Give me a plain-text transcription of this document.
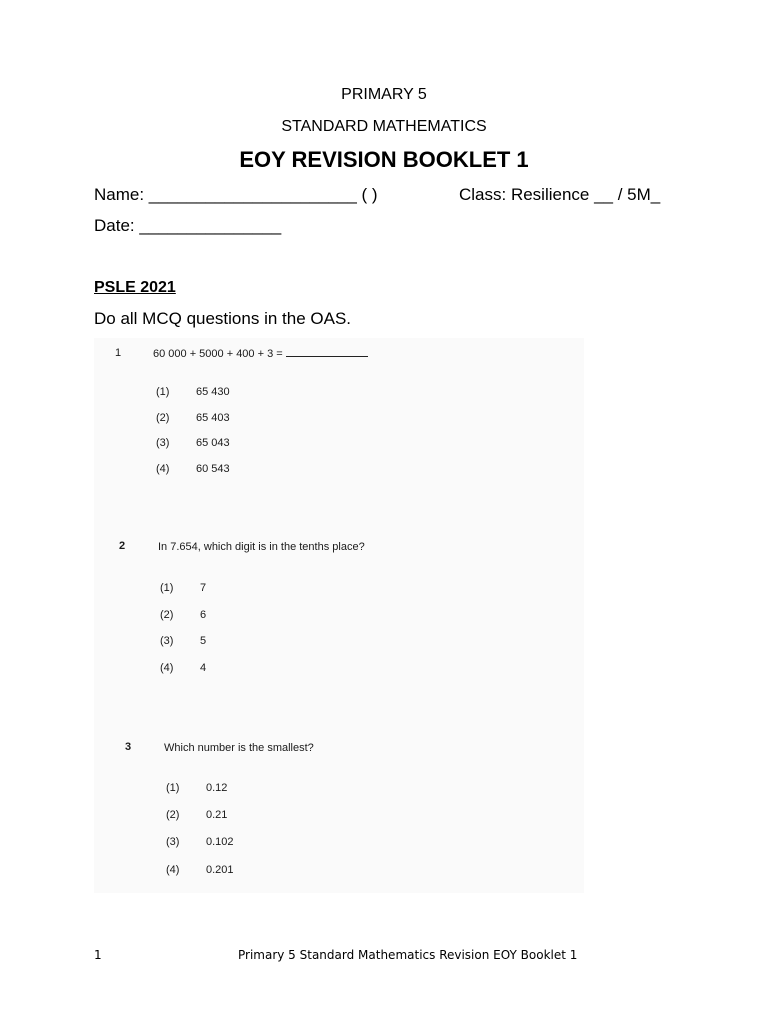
PRIMARY 5
STANDARD MATHEMATICS
EOY REVISION BOOKLET 1
Name: ______________________ ( )	Class: Resilience __ / 5M_
Date: _______________
PSLE 2021
Do all MCQ questions in the OAS.
1	60 000 + 5000 + 400 + 3 =
(1)	65 430
(2)	65 403
(3)	65 043
(4)	60 543
2	In 7.654, which digit is in the tenths place?
(1)	7
(2)	6
(3)	5
(4)	4
3	Which number is the smallest?
(1)	0.12
(2)	0.21
(3)	0.102
(4)	0.201
1	Primary 5 Standard Mathematics Revision EOY Booklet 1
